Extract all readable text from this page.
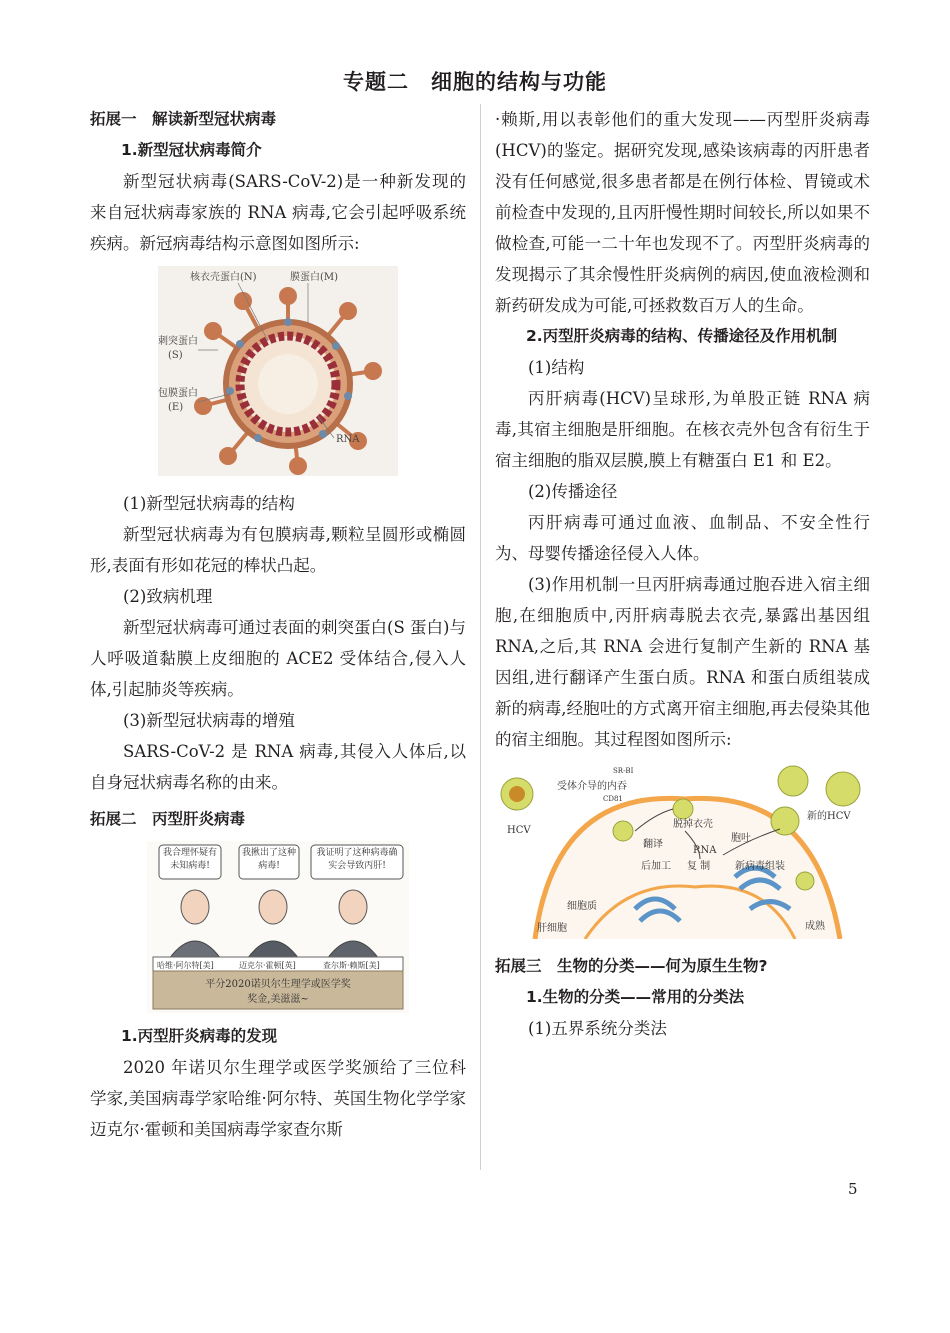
专题二　细胞的结构与功能
拓展一　解读新型冠状病毒
1.新型冠状病毒简介
新型冠状病毒(SARS-CoV-2)是一种新发现的来自冠状病毒家族的 RNA 病毒,它会引起呼吸系统疾病。新冠病毒结构示意图如图所示:
核衣壳蛋白(N)	膜蛋白(M)
刺突蛋白
(S)
包膜蛋白
(E)
RNA
(1)新型冠状病毒的结构
新型冠状病毒为有包膜病毒,颗粒呈圆形或椭圆形,表面有形如花冠的棒状凸起。
(2)致病机理
新型冠状病毒可通过表面的刺突蛋白(S 蛋白)与人呼吸道黏膜上皮细胞的 ACE2 受体结合,侵入人体,引起肺炎等疾病。
(3)新型冠状病毒的增殖
SARS-CoV-2 是 RNA 病毒,其侵入人体后,以自身冠状病毒名称的由来。
拓展二　丙型肝炎病毒
我合理怀疑有未知病毒!
我揪出了这种病毒!
我证明了这种病毒确实会导致丙肝!
哈维·阿尔特[美]	迈克尔·霍顿[英]	查尔斯·赖斯[美]
平分2020诺贝尔生理学或医学奖
奖金,美滋滋~
1.丙型肝炎病毒的发现
2020 年诺贝尔生理学或医学奖颁给了三位科学家,美国病毒学家哈维·阿尔特、英国生物化学学家迈克尔·霍顿和美国病毒学家查尔斯
·赖斯,用以表彰他们的重大发现——丙型肝炎病毒(HCV)的鉴定。据研究发现,感染该病毒的丙肝患者没有任何感觉,很多患者都是在例行体检、胃镜或术前检查中发现的,且丙肝慢性期时间较长,所以如果不做检查,可能一二十年也发现不了。丙型肝炎病毒的发现揭示了其余慢性肝炎病例的病因,使血液检测和新药研发成为可能,可拯救数百万人的生命。
2.丙型肝炎病毒的结构、传播途径及作用机制
(1)结构
丙肝病毒(HCV)呈球形,为单股正链 RNA 病毒,其宿主细胞是肝细胞。在核衣壳外包含有衍生于宿主细胞的脂双层膜,膜上有糖蛋白 E1 和 E2。
(2)传播途径
丙肝病毒可通过血液、血制品、不安全性行为、母婴传播途径侵入人体。
(3)作用机制一旦丙肝病毒通过胞吞进入宿主细胞,在细胞质中,丙肝病毒脱去衣壳,暴露出基因组 RNA,之后,其 RNA 会进行复制产生新的 RNA 基因组,进行翻译产生蛋白质。RNA 和蛋白质组装成新的病毒,经胞吐的方式离开宿主细胞,再去侵染其他的宿主细胞。其过程图如图所示:
HCV
受体介导的内吞
SR-BI
CD81
脱掉衣壳
翻译
胞吐
新的HCV
RNA
后加工 复 制 新病毒组装
细胞质
成熟
肝细胞
拓展三　生物的分类——何为原生生物?
1.生物的分类——常用的分类法
(1)五界系统分类法
5
